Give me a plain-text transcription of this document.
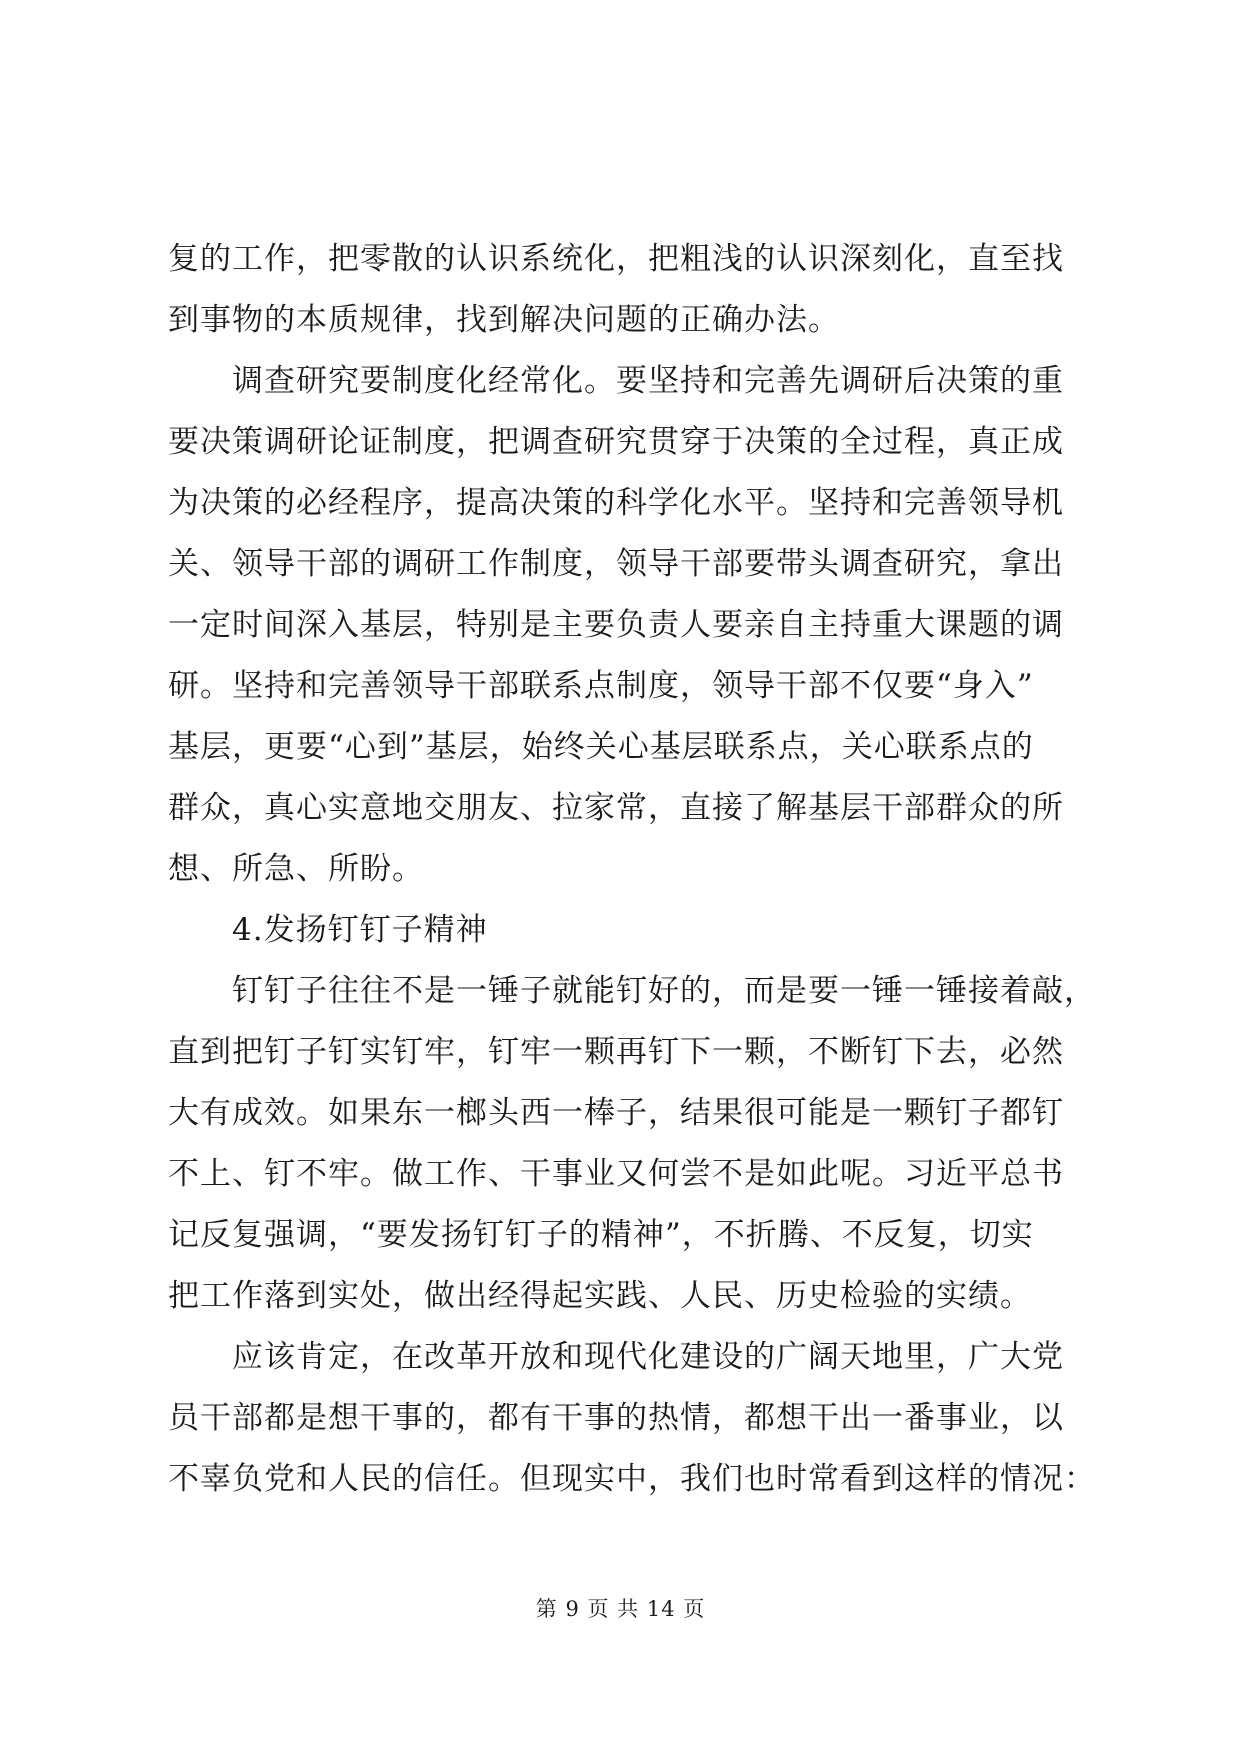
复的工作，把零散的认识系统化，把粗浅的认识深刻化，直至找
到事物的本质规律，找到解决问题的正确办法。
调查研究要制度化经常化。要坚持和完善先调研后决策的重
要决策调研论证制度，把调查研究贯穿于决策的全过程，真正成
为决策的必经程序，提高决策的科学化水平。坚持和完善领导机
关、领导干部的调研工作制度，领导干部要带头调查研究，拿出
一定时间深入基层，特别是主要负责人要亲自主持重大课题的调
研。坚持和完善领导干部联系点制度，领导干部不仅要“身入”
基层，更要“心到”基层，始终关心基层联系点，关心联系点的
群众，真心实意地交朋友、拉家常，直接了解基层干部群众的所
想、所急、所盼。
4.发扬钉钉子精神
钉钉子往往不是一锤子就能钉好的，而是要一锤一锤接着敲，
直到把钉子钉实钉牢，钉牢一颗再钉下一颗，不断钉下去，必然
大有成效。如果东一榔头西一棒子，结果很可能是一颗钉子都钉
不上、钉不牢。做工作、干事业又何尝不是如此呢。习近平总书
记反复强调，“要发扬钉钉子的精神”，不折腾、不反复，切实
把工作落到实处，做出经得起实践、人民、历史检验的实绩。
应该肯定，在改革开放和现代化建设的广阔天地里，广大党
员干部都是想干事的，都有干事的热情，都想干出一番事业，以
不辜负党和人民的信任。但现实中，我们也时常看到这样的情况：
第 9 页 共 14 页
